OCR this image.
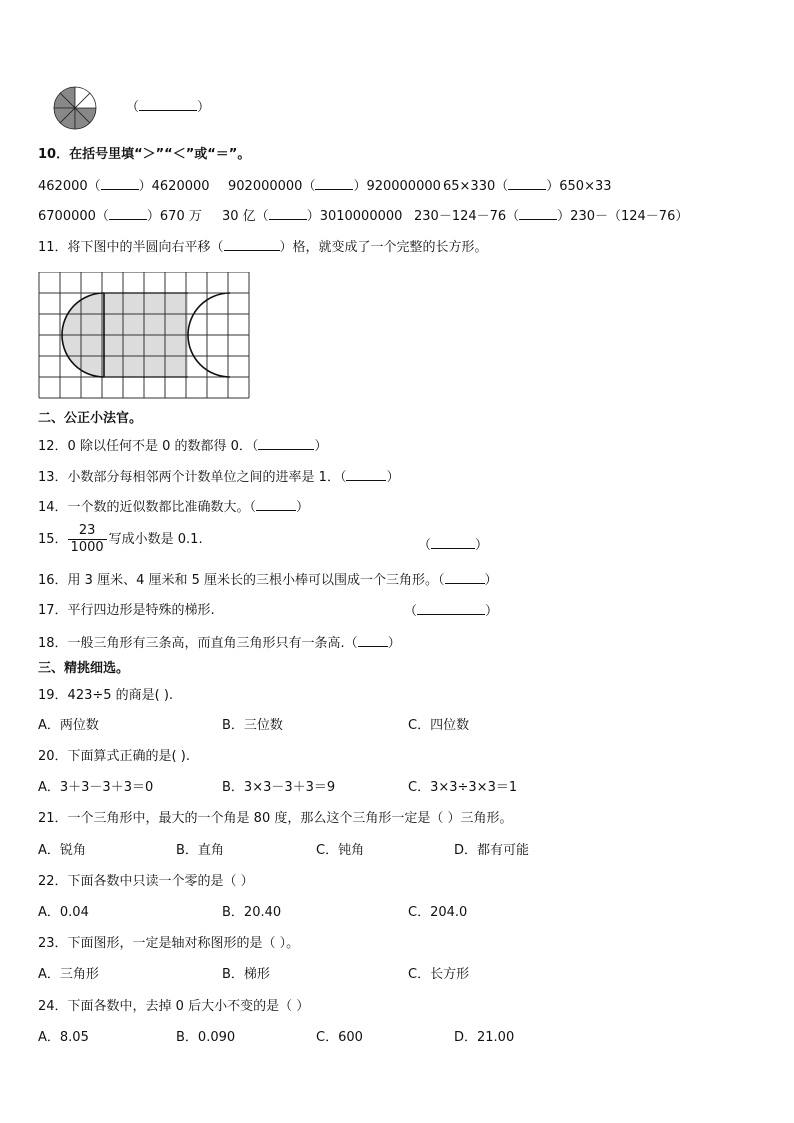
（	）
10．在括号里填“＞”“＜”或“＝”。
462000（	）4620000 902000000（	）920000000 65×330（	）650×33
6700000（	）670 万 30 亿（	）3010000000 230－124－76（	）230－（124－76）
11．将下图中的半圆向右平移（	）格，就变成了一个完整的长方形。
二、公正小法官。
12．0 除以任何不是 0 的数都得 0．（	）
13．小数部分每相邻两个计数单位之间的进率是 1．（	）
14．一个数的近似数都比准确数大。（	）
15． $\frac{23}{1000}$ 写成小数是 0.1.	（	）
16．用 3 厘米、4 厘米和 5 厘米长的三根小棒可以围成一个三角形。（	）
17．平行四边形是特殊的梯形.	（	）
18．一般三角形有三条高，而直角三角形只有一条高.（ ）
三、精挑细选。
19．423÷5 的商是( ).
A．两位数	B．三位数	C．四位数
20．下面算式正确的是( ).
A．3＋3－3＋3＝0	B．3×3－3＋3＝9	C．3×3÷3×3＝1
21．一个三角形中，最大的一个角是 80 度，那么这个三角形一定是（ ）三角形。
A．锐角	B．直角	C．钝角	D．都有可能
22．下面各数中只读一个零的是（ ）
A．0.04	B．20.40	C．204.0
23．下面图形，一定是轴对称图形的是（ ）。
A．三角形	B．梯形	C．长方形
24．下面各数中，去掉 0 后大小不变的是（ ）
A．8.05	B．0.090	C．600	D．21.00
